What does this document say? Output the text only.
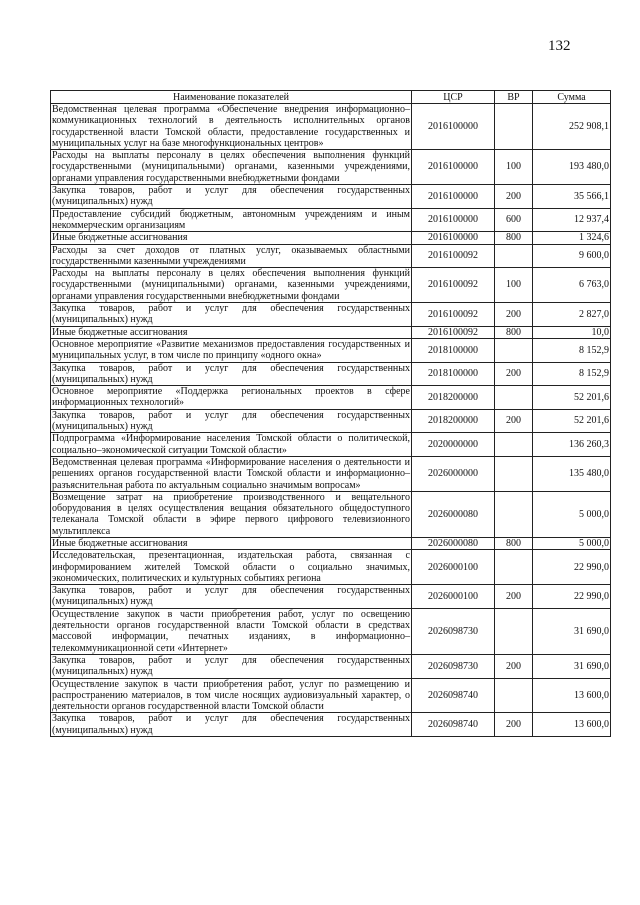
132
Наименование показателей	ЦСР	ВР	Сумма
Ведомственная целевая программа «Обеспечение внедрения информационно–коммуникационных технологий в деятельность исполнительных органов государственной власти Томской области, предоставление государственных и муниципальных услуг на базе многофункциональных центров»	2016100000		252 908,1
Расходы на выплаты персоналу в целях обеспечения выполнения функций государственными (муниципальными) органами, казенными учреждениями, органами управления государственными внебюджетными фондами	2016100000	100	193 480,0
Закупка товаров, работ и услуг для обеспечения государственных (муниципальных) нужд	2016100000	200	35 566,1
Предоставление субсидий бюджетным, автономным учреждениям и иным некоммерческим организациям	2016100000	600	12 937,4
Иные бюджетные ассигнования	2016100000	800	1 324,6
Расходы за счет доходов от платных услуг, оказываемых областными государственными казенными учреждениями	2016100092		9 600,0
Расходы на выплаты персоналу в целях обеспечения выполнения функций государственными (муниципальными) органами, казенными учреждениями, органами управления государственными внебюджетными фондами	2016100092	100	6 763,0
Закупка товаров, работ и услуг для обеспечения государственных (муниципальных) нужд	2016100092	200	2 827,0
Иные бюджетные ассигнования	2016100092	800	10,0
Основное мероприятие «Развитие механизмов предоставления государственных и муниципальных услуг, в том числе по принципу «одного окна»	2018100000		8 152,9
Закупка товаров, работ и услуг для обеспечения государственных (муниципальных) нужд	2018100000	200	8 152,9
Основное мероприятие «Поддержка региональных проектов в сфере информационных технологий»	2018200000		52 201,6
Закупка товаров, работ и услуг для обеспечения государственных (муниципальных) нужд	2018200000	200	52 201,6
Подпрограмма «Информирование населения Томской области о политической, социально–экономической ситуации Томской области»	2020000000		136 260,3
Ведомственная целевая программа «Информирование населения о деятельности и решениях органов государственной власти Томской области и информационно–разъяснительная работа по актуальным социально значимым вопросам»	2026000000		135 480,0
Возмещение затрат на приобретение производственного и вещательного оборудования в целях осуществления вещания обязательного общедоступного телеканала Томской области в эфире первого цифрового телевизионного мультиплекса	2026000080		5 000,0
Иные бюджетные ассигнования	2026000080	800	5 000,0
Исследовательская, презентационная, издательская работа, связанная с информированием жителей Томской области о социально значимых, экономических, политических и культурных событиях региона	2026000100		22 990,0
Закупка товаров, работ и услуг для обеспечения государственных (муниципальных) нужд	2026000100	200	22 990,0
Осуществление закупок в части приобретения работ, услуг по освещению деятельности органов государственной власти Томской области в средствах массовой информации, печатных изданиях, в информационно–телекоммуникационной сети «Интернет»	2026098730		31 690,0
Закупка товаров, работ и услуг для обеспечения государственных (муниципальных) нужд	2026098730	200	31 690,0
Осуществление закупок в части приобретения работ, услуг по размещению и распространению материалов, в том числе носящих аудиовизуальный характер, о деятельности органов государственной власти Томской области	2026098740		13 600,0
Закупка товаров, работ и услуг для обеспечения государственных (муниципальных) нужд	2026098740	200	13 600,0
